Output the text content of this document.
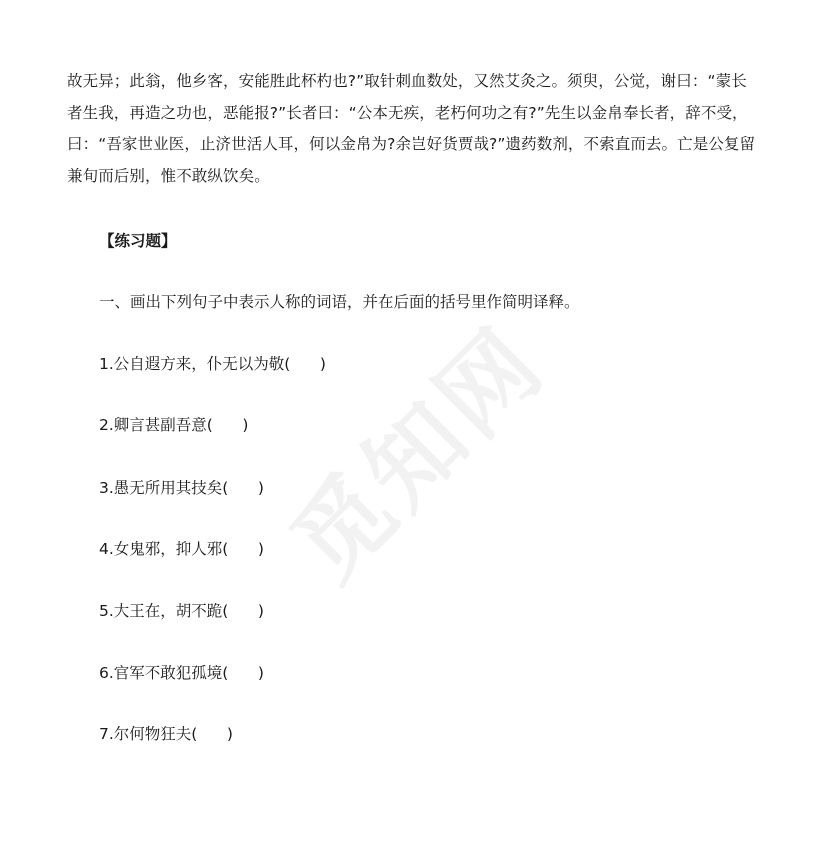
觅知网

故无异；此翁，他乡客，安能胜此杯杓也?”取针刺血数处，又然艾灸之。须臾，公觉，谢曰：“蒙长
者生我，再造之功也，恶能报?”长者曰：“公本无疾，老朽何功之有?”先生以金帛奉长者，辞不受，
曰：“吾家世业医，止济世活人耳，何以金帛为?余岂好货贾哉?”遗药数剂，不索直而去。亡是公复留
兼旬而后别，惟不敢纵饮矣。

【练习题】

一、画出下列句子中表示人称的词语，并在后面的括号里作简明译释。

1.公自遐方来，仆无以为敬(      )
2.卿言甚副吾意(      )
3.愚无所用其技矣(      )
4.女鬼邪，抑人邪(      )
5.大王在，胡不跪(      )
6.官军不敢犯孤境(      )
7.尔何物狂夫(      )
